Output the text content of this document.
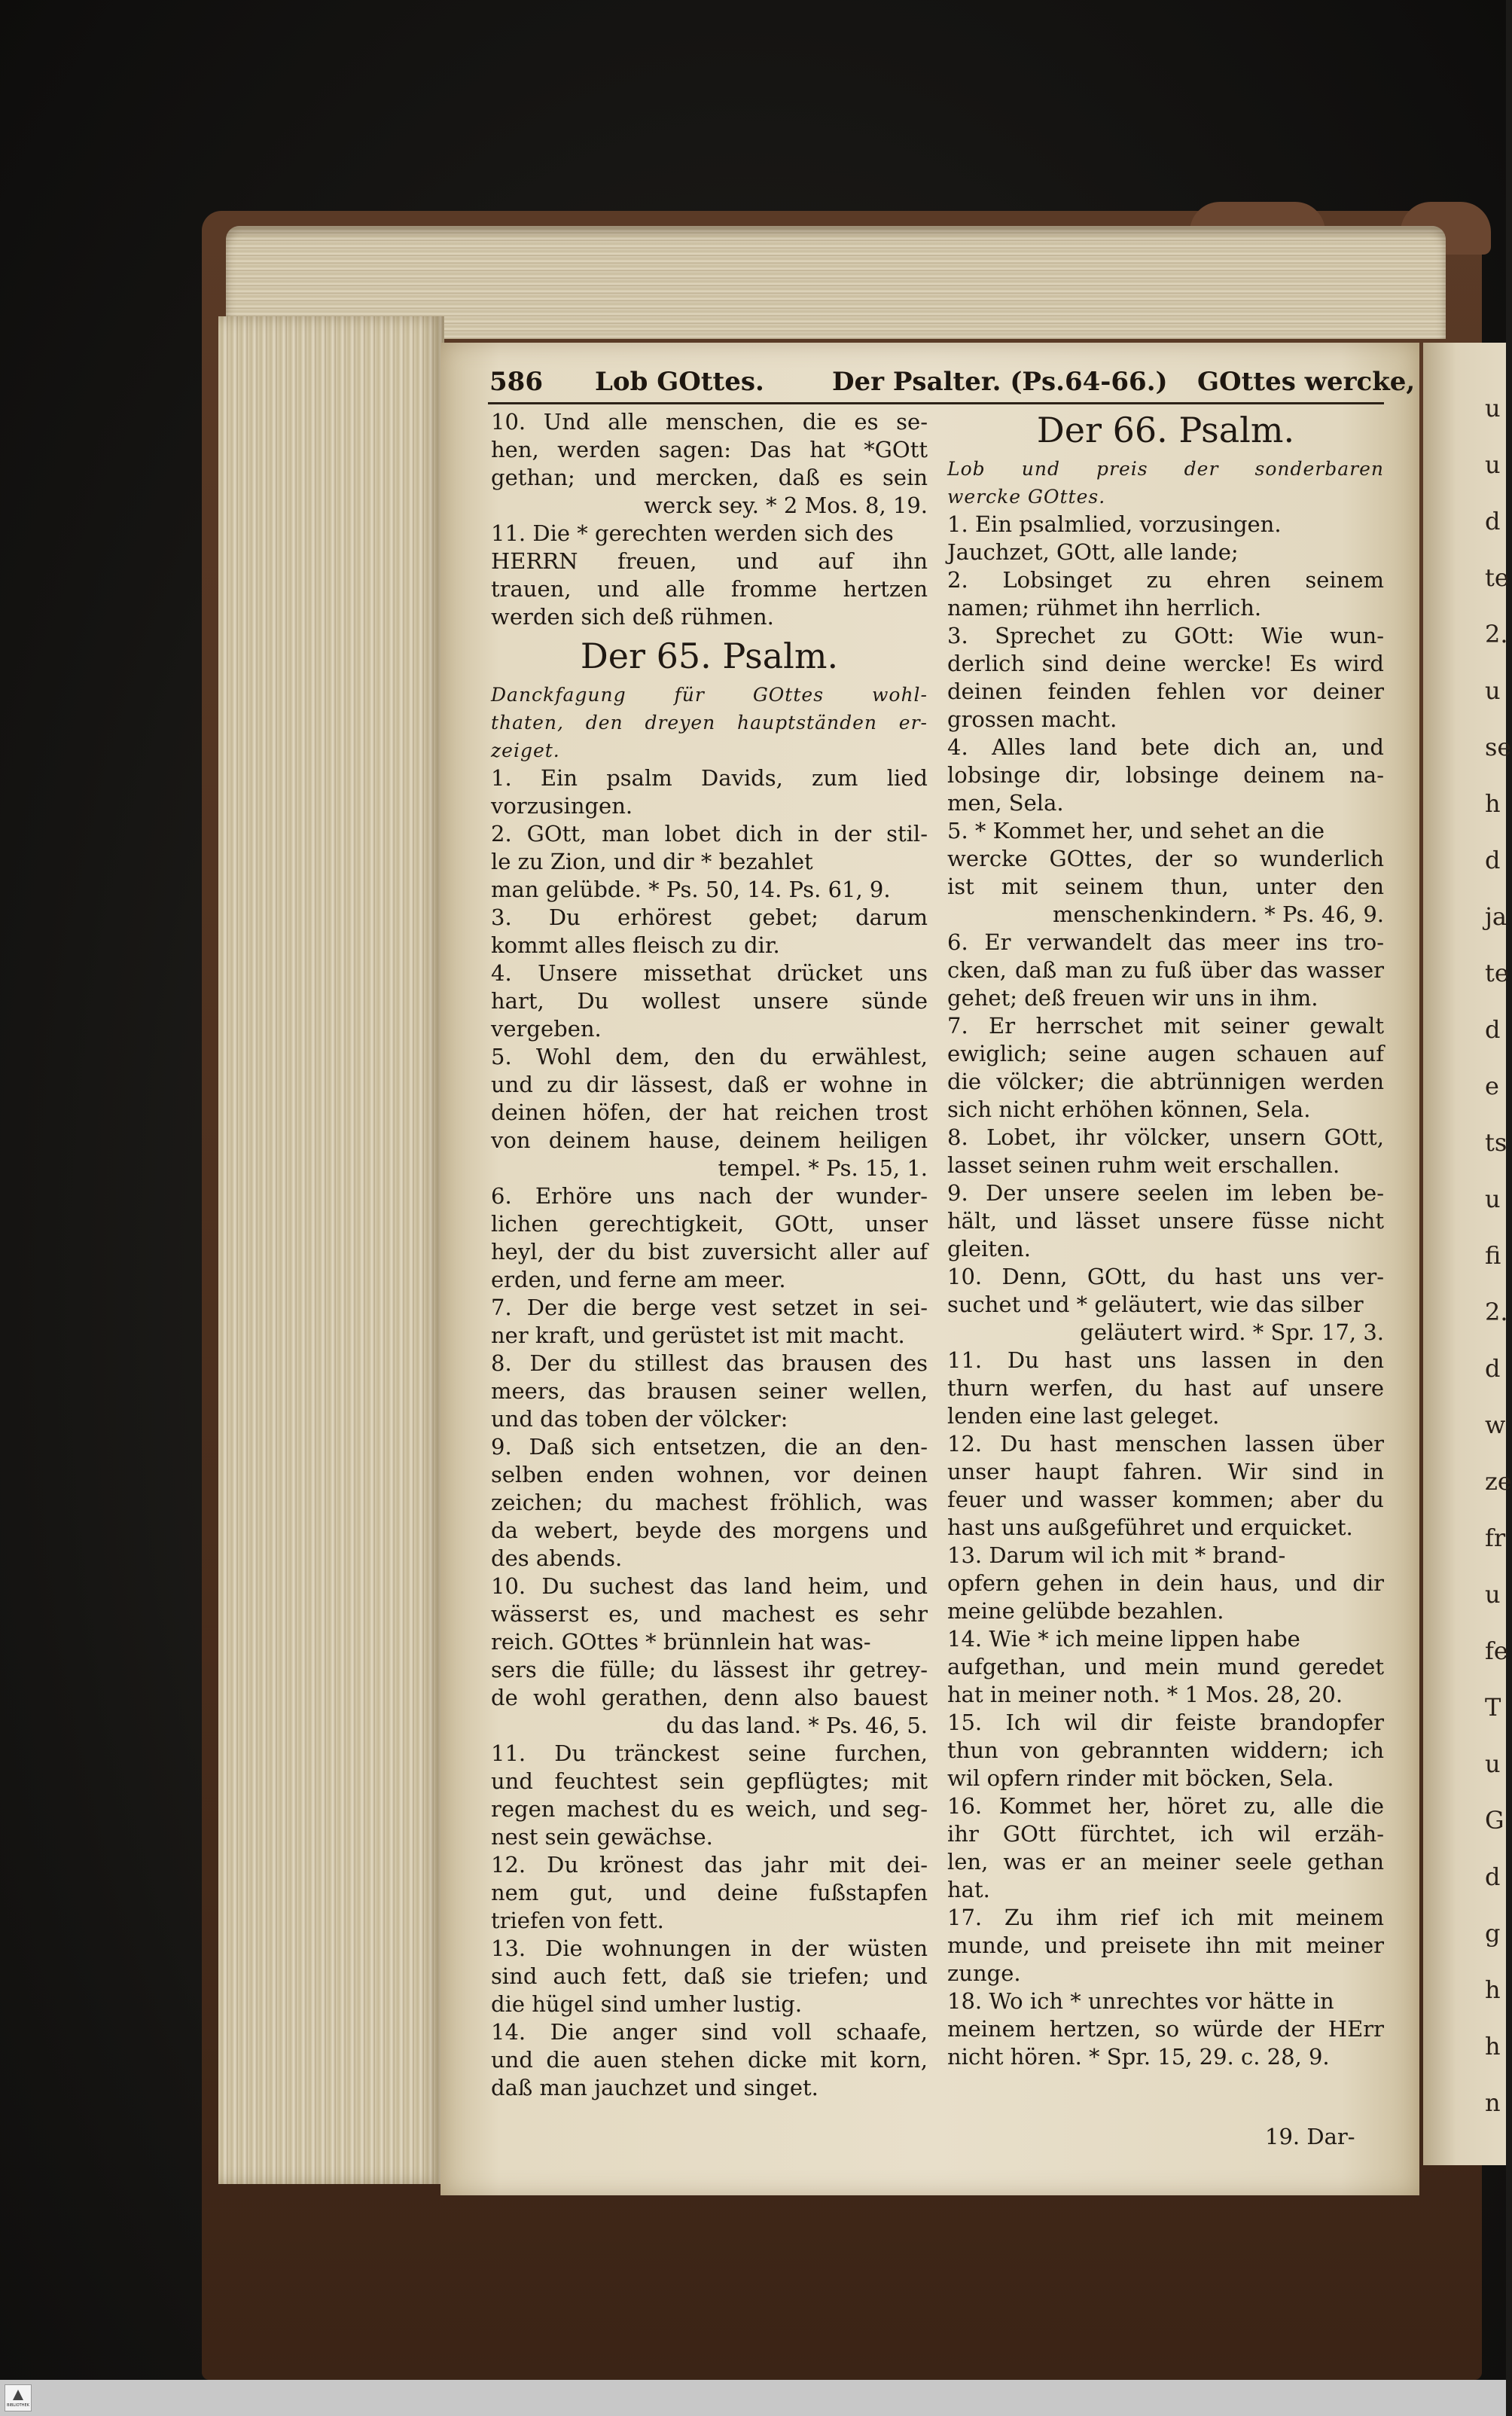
u
u
d
te
2.
u
se
h
d
ja
te
d
e
ts
u
fi
2.
d
w
ze
fr
u
fe
T
u
G
d
g
h
h
n
586 Lob GOttes.	Der Psalter. (Ps.64-66.) GOttes wercke,
10. Und alle menschen, die es se-
hen, werden sagen: Das hat *GOtt
gethan; und mercken, daß es sein
werck sey. * 2 Mos. 8, 19.
11. Die * gerechten werden sich des
HERRN freuen, und auf ihn
trauen, und alle fromme hertzen
werden sich deß rühmen.
Der 65. Psalm.
Danckfagung für GOttes wohl-
thaten, den dreyen hauptständen er-
zeiget.
1. Ein psalm Davids, zum lied
vorzusingen.
2. GOtt, man lobet dich in der stil-
le zu Zion, und dir * bezahlet
man gelübde. * Ps. 50, 14. Ps. 61, 9.
3. Du erhörest gebet; darum
kommt alles fleisch zu dir.
4. Unsere missethat drücket uns
hart, Du wollest unsere sünde
vergeben.
5. Wohl dem, den du erwählest,
und zu dir lässest, daß er wohne in
deinen höfen, der hat reichen trost
von deinem hause, deinem heiligen
tempel. * Ps. 15, 1.
6. Erhöre uns nach der wunder-
lichen gerechtigkeit, GOtt, unser
heyl, der du bist zuversicht aller auf
erden, und ferne am meer.
7. Der die berge vest setzet in sei-
ner kraft, und gerüstet ist mit macht.
8. Der du stillest das brausen des
meers, das brausen seiner wellen,
und das toben der völcker:
9. Daß sich entsetzen, die an den-
selben enden wohnen, vor deinen
zeichen; du machest fröhlich, was
da webert, beyde des morgens und
des abends.
10. Du suchest das land heim, und
wässerst es, und machest es sehr
reich. GOttes * brünnlein hat was-
sers die fülle; du lässest ihr getrey-
de wohl gerathen, denn also bauest
du das land. * Ps. 46, 5.
11. Du tränckest seine furchen,
und feuchtest sein gepflügtes; mit
regen machest du es weich, und seg-
nest sein gewächse.
12. Du krönest das jahr mit dei-
nem gut, und deine fußstapfen
triefen von fett.
13. Die wohnungen in der wüsten
sind auch fett, daß sie triefen; und
die hügel sind umher lustig.
14. Die anger sind voll schaafe,
und die auen stehen dicke mit korn,
daß man jauchzet und singet.
Der 66. Psalm.
Lob und preis der sonderbaren
wercke GOttes.
1. Ein psalmlied, vorzusingen.
Jauchzet, GOtt, alle lande;
2. Lobsinget zu ehren seinem
namen; rühmet ihn herrlich.
3. Sprechet zu GOtt: Wie wun-
derlich sind deine wercke! Es wird
deinen feinden fehlen vor deiner
grossen macht.
4. Alles land bete dich an, und
lobsinge dir, lobsinge deinem na-
men, Sela.
5. * Kommet her, und sehet an die
wercke GOttes, der so wunderlich
ist mit seinem thun, unter den
menschenkindern. * Ps. 46, 9.
6. Er verwandelt das meer ins tro-
cken, daß man zu fuß über das wasser
gehet; deß freuen wir uns in ihm.
7. Er herrschet mit seiner gewalt
ewiglich; seine augen schauen auf
die völcker; die abtrünnigen werden
sich nicht erhöhen können, Sela.
8. Lobet, ihr völcker, unsern GOtt,
lasset seinen ruhm weit erschallen.
9. Der unsere seelen im leben be-
hält, und lässet unsere füsse nicht
gleiten.
10. Denn, GOtt, du hast uns ver-
suchet und * geläutert, wie das silber
geläutert wird. * Spr. 17, 3.
11. Du hast uns lassen in den
thurn werfen, du hast auf unsere
lenden eine last geleget.
12. Du hast menschen lassen über
unser haupt fahren. Wir sind in
feuer und wasser kommen; aber du
hast uns außgeführet und erquicket.
13. Darum wil ich mit * brand-
opfern gehen in dein haus, und dir
meine gelübde bezahlen.
14. Wie * ich meine lippen habe
aufgethan, und mein mund geredet
hat in meiner noth. * 1 Mos. 28, 20.
15. Ich wil dir feiste brandopfer
thun von gebrannten widdern; ich
wil opfern rinder mit böcken, Sela.
16. Kommet her, höret zu, alle die
ihr GOtt fürchtet, ich wil erzäh-
len, was er an meiner seele gethan
hat.
17. Zu ihm rief ich mit meinem
munde, und preisete ihn mit meiner
zunge.
18. Wo ich * unrechtes vor hätte in
meinem hertzen, so würde der HErr
nicht hören. * Spr. 15, 29. c. 28, 9.
19. Dar-
BIBLIOTHEK
